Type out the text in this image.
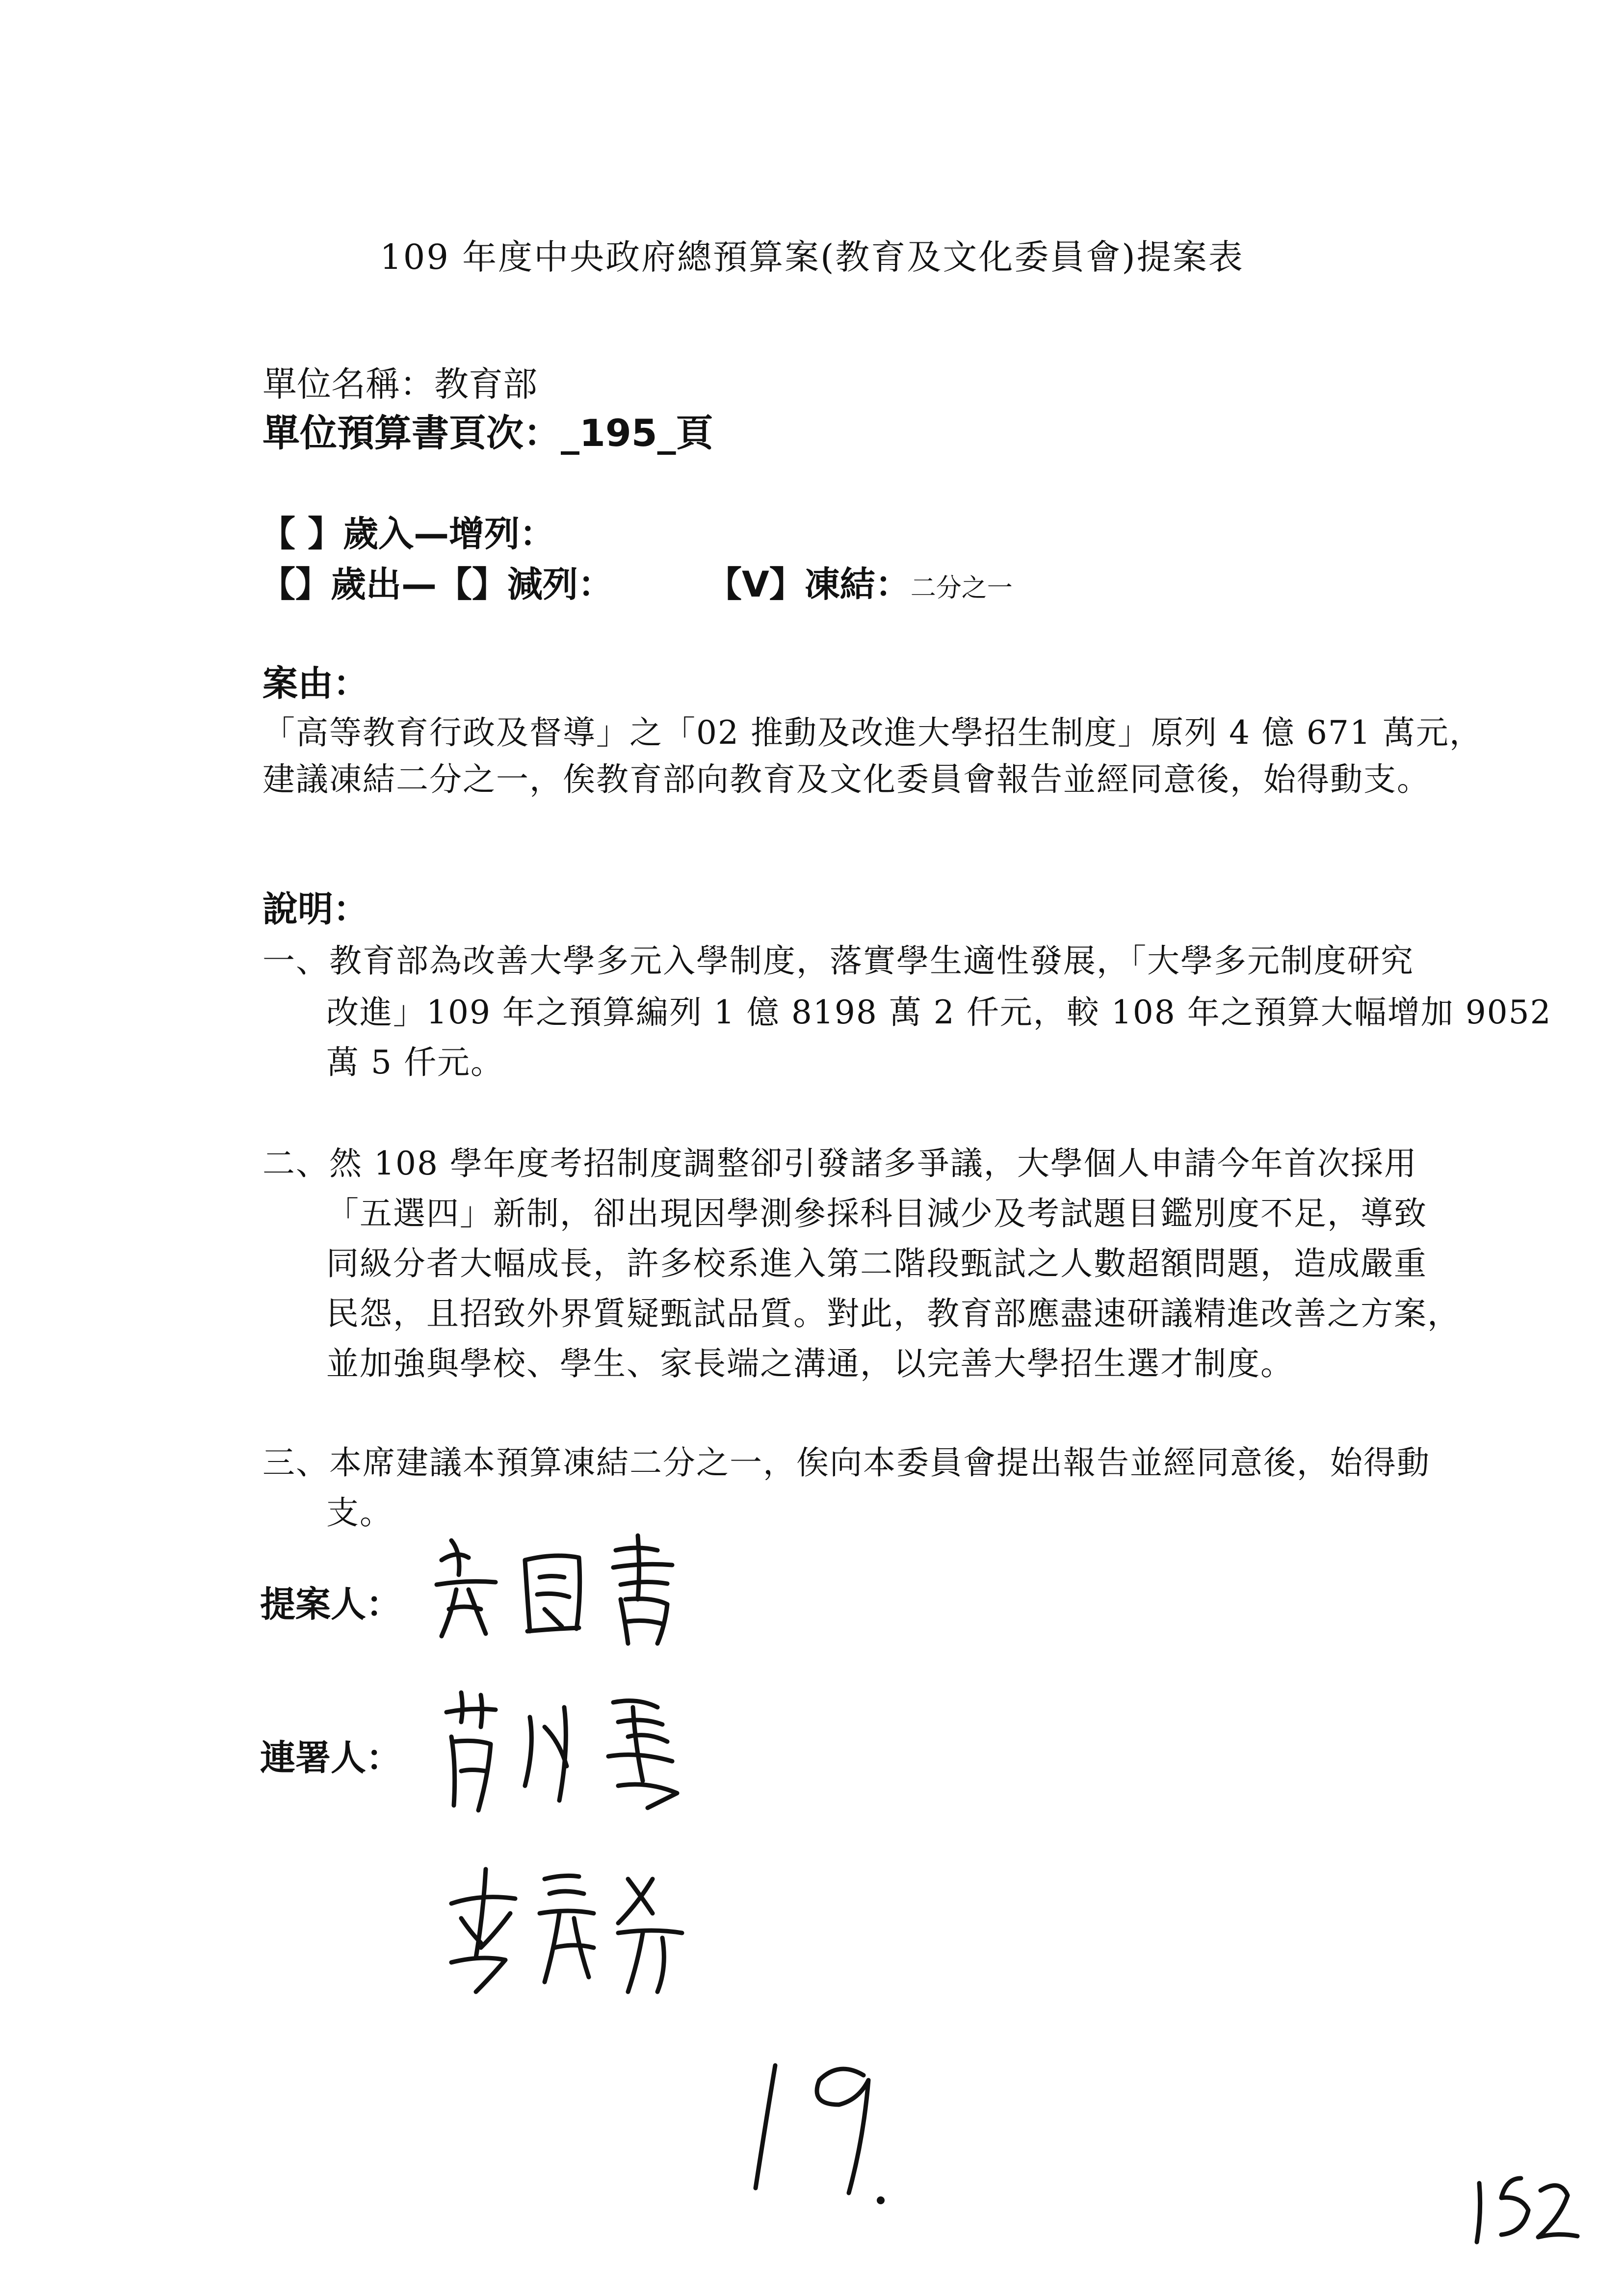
109 年度中央政府總預算案(教育及文化委員會)提案表
單位名稱：教育部
單位預算書頁次：_195_頁
【 】歲入—增列：
【】歲出—【】減列：	【V】凍結：二分之一
案由：
「高等教育行政及督導」之「02 推動及改進大學招生制度」原列 4 億 671 萬元，
建議凍結二分之一，俟教育部向教育及文化委員會報告並經同意後，始得動支。
說明：
一、教育部為改善大學多元入學制度，落實學生適性發展，「大學多元制度研究
改進」109 年之預算編列 1 億 8198 萬 2 仟元，較 108 年之預算大幅增加 9052
萬 5 仟元。
二、然 108 學年度考招制度調整卻引發諸多爭議，大學個人申請今年首次採用
「五選四」新制，卻出現因學測參採科目減少及考試題目鑑別度不足，導致
同級分者大幅成長，許多校系進入第二階段甄試之人數超額問題，造成嚴重
民怨，且招致外界質疑甄試品質。對此，教育部應盡速研議精進改善之方案，
並加強與學校、學生、家長端之溝通，以完善大學招生選才制度。
三、本席建議本預算凍結二分之一，俟向本委員會提出報告並經同意後，始得動
支。
提案人：
連署人：
